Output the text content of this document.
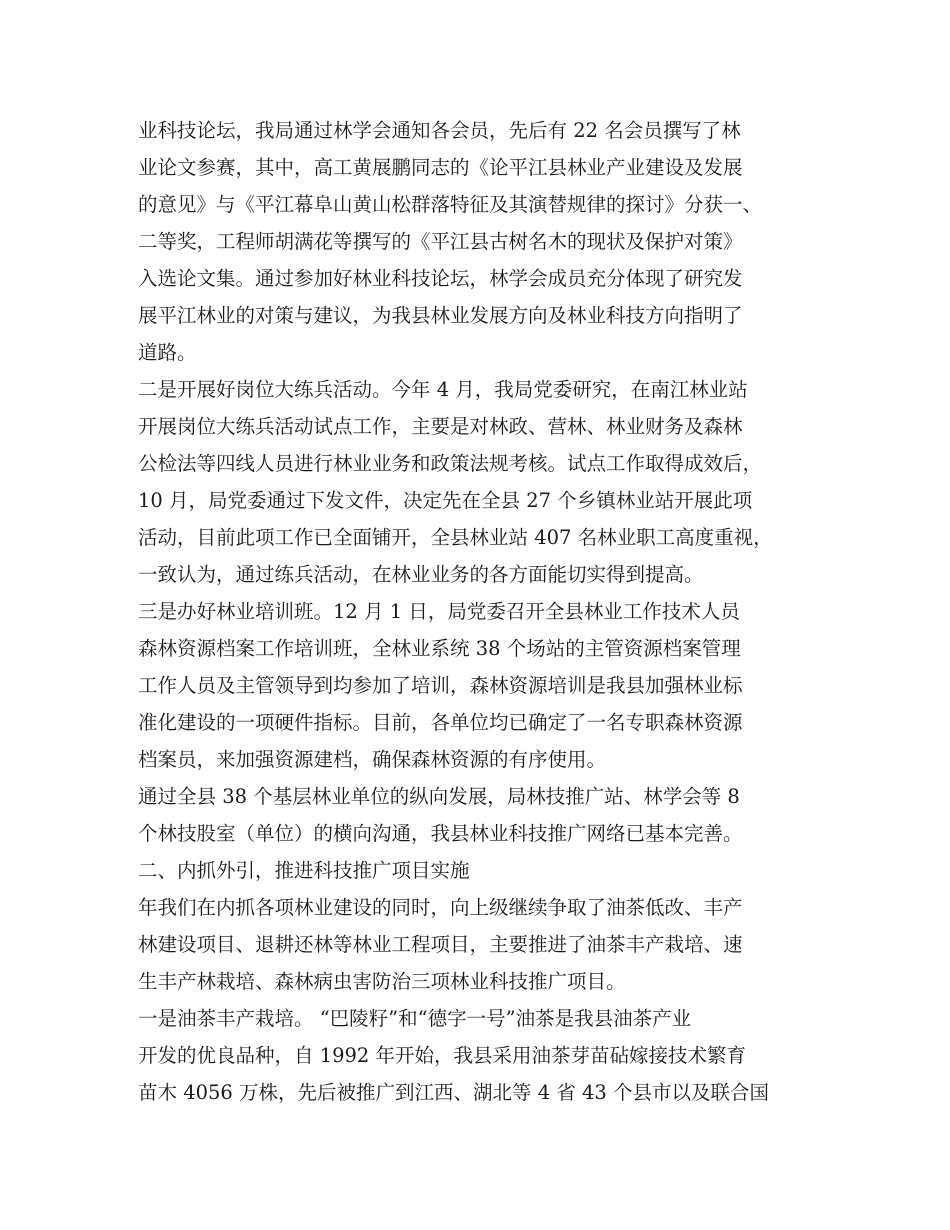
业科技论坛，我局通过林学会通知各会员，先后有 22 名会员撰写了林
业论文参赛，其中，高工黄展鹏同志的《论平江县林业产业建设及发展
的意见》与《平江幕阜山黄山松群落特征及其演替规律的探讨》分获一、
二等奖，工程师胡满花等撰写的《平江县古树名木的现状及保护对策》
入选论文集。通过参加好林业科技论坛，林学会成员充分体现了研究发
展平江林业的对策与建议，为我县林业发展方向及林业科技方向指明了
道路。
二是开展好岗位大练兵活动。今年 4 月，我局党委研究，在南江林业站
开展岗位大练兵活动试点工作，主要是对林政、营林、林业财务及森林
公检法等四线人员进行林业业务和政策法规考核。试点工作取得成效后，
10 月，局党委通过下发文件，决定先在全县 27 个乡镇林业站开展此项
活动，目前此项工作已全面铺开，全县林业站 407 名林业职工高度重视，
一致认为，通过练兵活动，在林业业务的各方面能切实得到提高。
三是办好林业培训班。12 月 1 日，局党委召开全县林业工作技术人员
森林资源档案工作培训班，全林业系统 38 个场站的主管资源档案管理
工作人员及主管领导到均参加了培训，森林资源培训是我县加强林业标
准化建设的一项硬件指标。目前，各单位均已确定了一名专职森林资源
档案员，来加强资源建档，确保森林资源的有序使用。
通过全县 38 个基层林业单位的纵向发展，局林技推广站、林学会等 8
个林技股室（单位）的横向沟通，我县林业科技推广网络已基本完善。
二、内抓外引，推进科技推广项目实施
年我们在内抓各项林业建设的同时，向上级继续争取了油茶低改、丰产
林建设项目、退耕还林等林业工程项目，主要推进了油茶丰产栽培、速
生丰产林栽培、森林病虫害防治三项林业科技推广项目。
一是油茶丰产栽培。 “巴陵籽”和“德字一号”油茶是我县油茶产业
开发的优良品种，自 1992 年开始，我县采用油茶芽苗砧嫁接技术繁育
苗木 4056 万株，先后被推广到江西、湖北等 4 省 43 个县市以及联合国
